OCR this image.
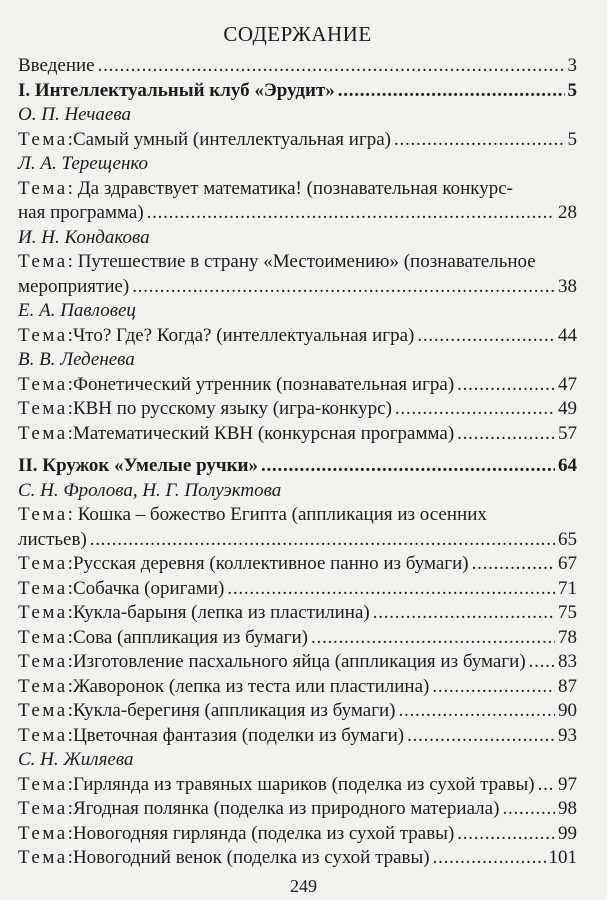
СОДЕРЖАНИЕ
Введение . . .	3
I. Интеллектуальный клуб «Эрудит» . . .	5
О. П. Нечаева
Тема : Самый умный (интеллектуальная игра) . . .	5
Л. А. Терещенко
Тема: Да здравствует математика! (познавательная конкурс-
ная программа) . . .	28
И. Н. Кондакова
Тема: Путешествие в страну «Местоимению» (познавательное
мероприятие) . . .	38
Е. А. Павловец
Тема : Что? Где? Когда? (интеллектуальная игра) . . .	44
В. В. Леденева
Тема : Фонетический утренник (познавательная игра) . . .	47
Тема : КВН по русскому языку (игра-конкурс) . . .	49
Тема : Математический КВН (конкурсная программа) . . .	57
II. Кружок «Умелые ручки» . . .	64
С. Н. Фролова, Н. Г. Полуэктова
Тема: Кошка – божество Египта (аппликация из осенних
листьев) . . .	65
Тема : Русская деревня (коллективное панно из бумаги) . . .	67
Тема : Собачка (оригами) . . .	71
Тема : Кукла-барыня (лепка из пластилина) . . .	75
Тема : Сова (аппликация из бумаги) . . .	78
Тема : Изготовление пасхального яйца (аппликация из бумаги) . . . 83
Тема : Жаворонок (лепка из теста или пластилина) . . .	87
Тема : Кукла-берегиня (аппликация из бумаги) . . .	90
Тема : Цветочная фантазия (поделки из бумаги) . . .	93
С. Н. Жиляева
Тема : Гирлянда из травяных шариков (поделка из сухой травы) . . . 97
Тема : Ягодная полянка (поделка из природного материала) . . .	98
Тема : Новогодняя гирлянда (поделка из сухой травы) . . .	99
Тема : Новогодний венок (поделка из сухой травы) . . .	101
249
